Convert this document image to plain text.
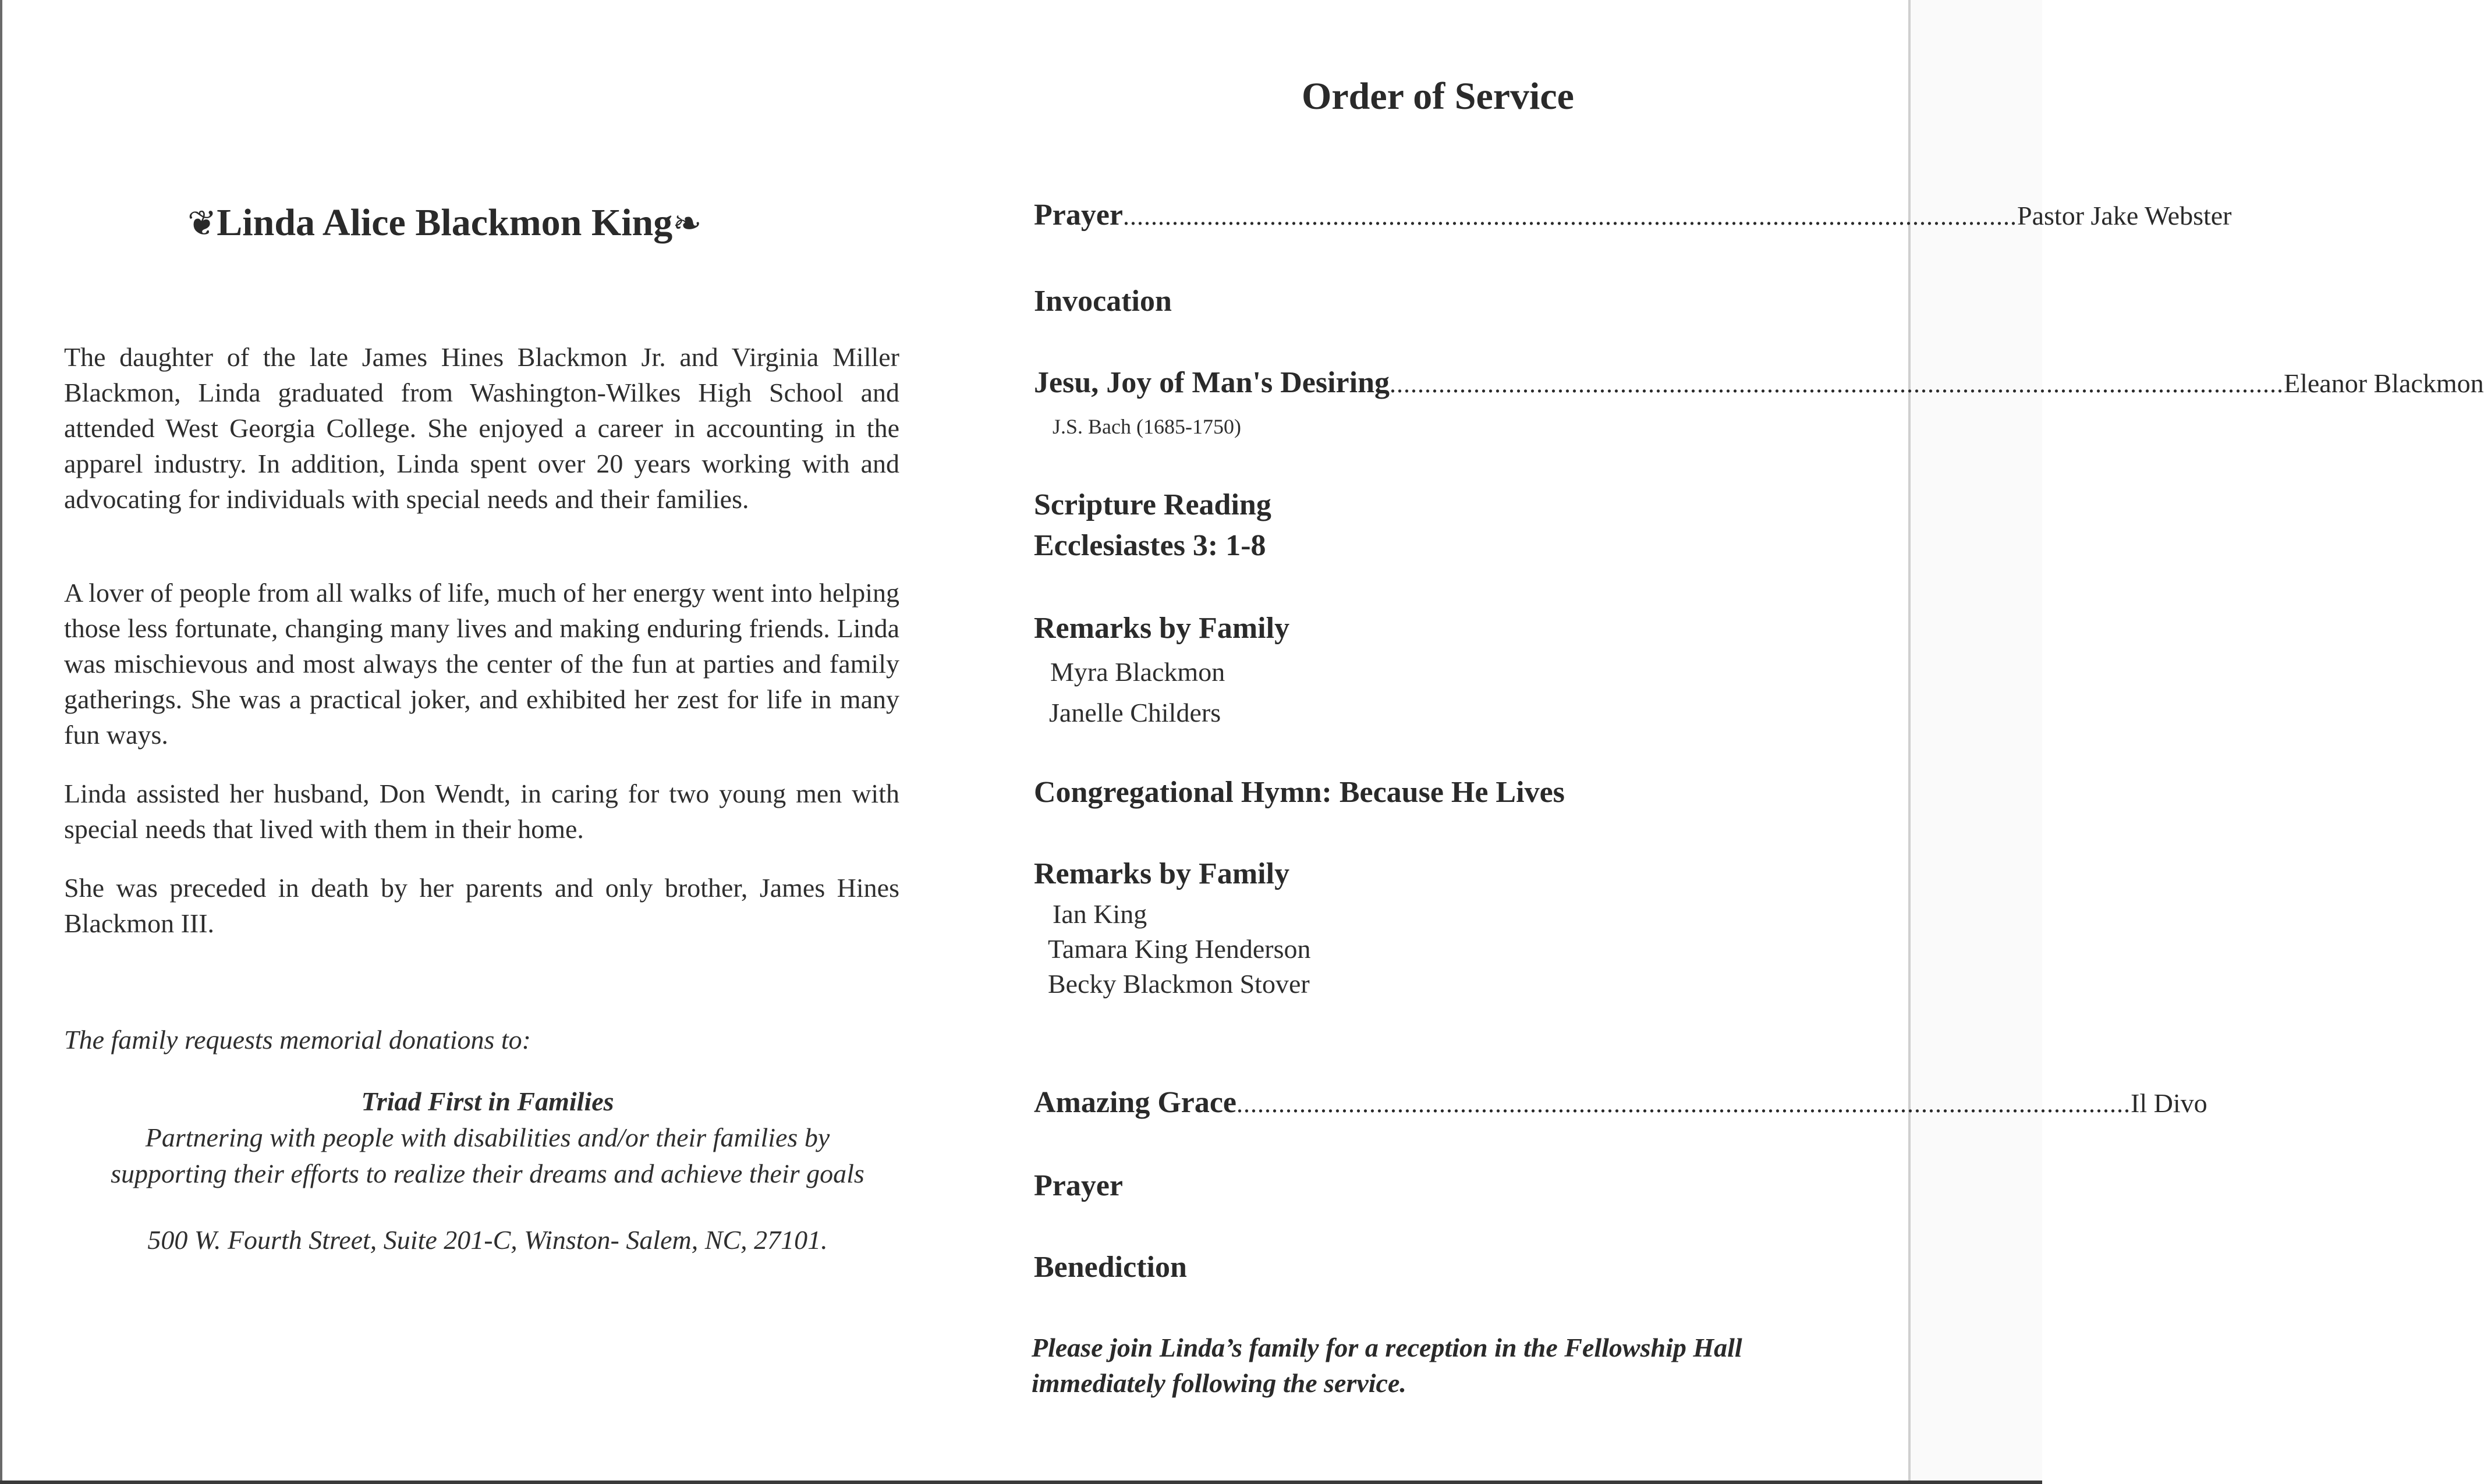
❦Linda Alice Blackmon King❧

The daughter of the late James Hines Blackmon Jr. and Virginia Miller Blackmon, Linda graduated from Washington-Wilkes High School and attended West Georgia College. She enjoyed a career in accounting in the apparel industry. In addition, Linda spent over 20 years working with and advocating for individuals with special needs and their families.

A lover of people from all walks of life, much of her energy went into helping those less fortunate, changing many lives and making enduring friends. Linda was mischievous and most always the center of the fun at parties and family gatherings. She was a practical joker, and exhibited her zest for life in many fun ways.

Linda assisted her husband, Don Wendt, in caring for two young men with special needs that lived with them in their home.

She was preceded in death by her parents and only brother, James Hines Blackmon III.

The family requests memorial donations to:
Triad First in Families
Partnering with people with disabilities and/or their families by
supporting their efforts to realize their dreams and achieve their goals
500 W. Fourth Street, Suite 201-C, Winston- Salem, NC, 27101.
Order of Service
Prayer ................................................................................................................................ Pastor Jake Webster
Invocation
Jesu, Joy of Man's Desiring ................................................................................................................................ Eleanor Blackmon
J.S. Bach (1685-1750)
Scripture Reading
Ecclesiastes 3: 1-8
Remarks by Family
Myra Blackmon
Janelle Childers
Congregational Hymn: Because He Lives
Remarks by Family
Ian King
Tamara King Henderson
Becky Blackmon Stover
Amazing Grace ................................................................................................................................ Il Divo
Prayer
Benediction
Please join Linda’s family for a reception in the Fellowship Hall immediately following the service.
